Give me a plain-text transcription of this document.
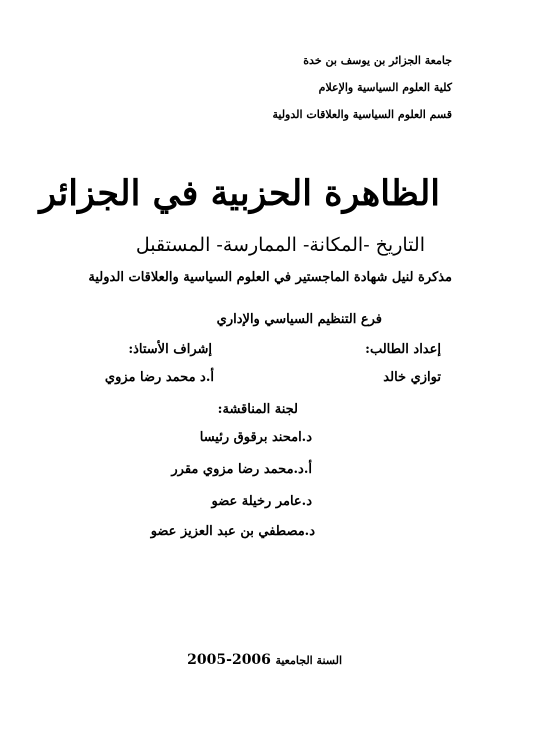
جامعة الجزائر بن يوسف بن خدة
كلية العلوم السياسية والإعلام
قسم العلوم السياسية والعلاقات الدولية
الظاهرة الحزبية في الجزائر
التاريخ -المكانة- الممارسة- المستقبل
مذكرة لنيل شهادة الماجستير في العلوم السياسية والعلاقات الدولية
فرع التنظيم السياسي والإداري
إعداد الطالب:
إشراف الأستاذ:
توازي خالد
أ.د محمد رضا مزوي
لجنة المناقشة:
د.امحند برقوق رئيسا
أ.د.محمد رضا مزوي مقرر
د.عامر رخيلة عضو
د.مصطفي بن عبد العزيز عضو
السنة الجامعية 2005-2006
